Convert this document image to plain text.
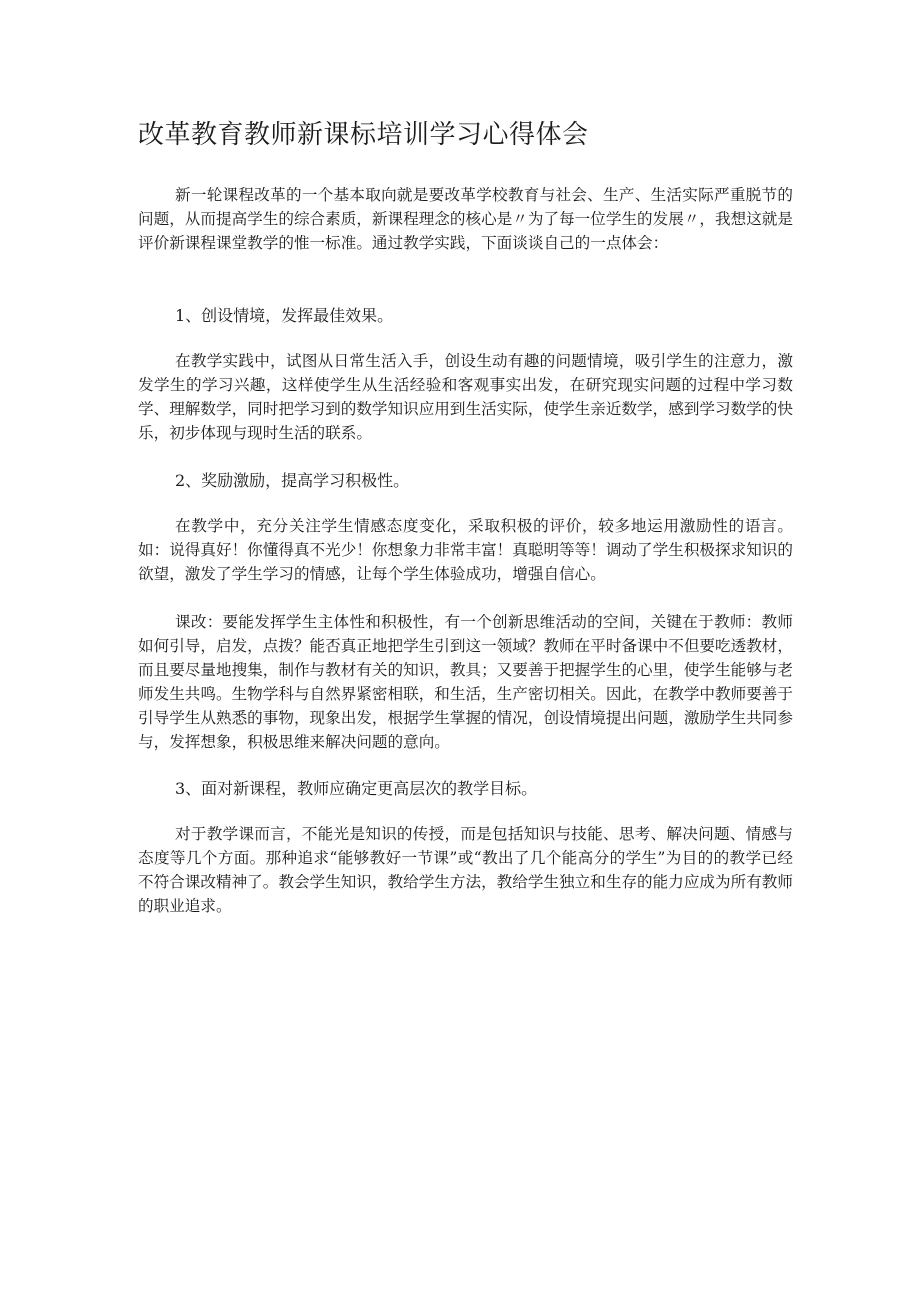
改革教育教师新课标培训学习心得体会

新一轮课程改革的一个基本取向就是要改革学校教育与社会、生产、生活实际严重脱节的问题，从而提高学生的综合素质，新课程理念的核心是〃为了每一位学生的发展〃，我想这就是评价新课程课堂教学的惟一标准。通过教学实践，下面谈谈自己的一点体会：

1、创设情境，发挥最佳效果。

在教学实践中，试图从日常生活入手，创设生动有趣的问题情境，吸引学生的注意力，激发学生的学习兴趣，这样使学生从生活经验和客观事实出发，在研究现实问题的过程中学习数学、理解数学，同时把学习到的数学知识应用到生活实际，使学生亲近数学，感到学习数学的快乐，初步体现与现时生活的联系。

2、奖励激励，提高学习积极性。

在教学中，充分关注学生情感态度变化，采取积极的评价，较多地运用激励性的语言。如：说得真好！你懂得真不光少！你想象力非常丰富！真聪明等等！调动了学生积极探求知识的欲望，激发了学生学习的情感，让每个学生体验成功，增强自信心。

课改：要能发挥学生主体性和积极性，有一个创新思维活动的空间，关键在于教师：教师如何引导，启发，点拨？能否真正地把学生引到这一领域？教师在平时备课中不但要吃透教材，而且要尽量地搜集，制作与教材有关的知识，教具；又要善于把握学生的心里，使学生能够与老师发生共鸣。生物学科与自然界紧密相联，和生活，生产密切相关。因此，在教学中教师要善于引导学生从熟悉的事物，现象出发，根据学生掌握的情况，创设情境提出问题，激励学生共同参与，发挥想象，积极思维来解决问题的意向。

3、面对新课程，教师应确定更高层次的教学目标。

对于教学课而言，不能光是知识的传授，而是包括知识与技能、思考、解决问题、情感与态度等几个方面。那种追求“能够教好一节课”或“教出了几个能高分的学生”为目的的教学已经不符合课改精神了。教会学生知识，教给学生方法，教给学生独立和生存的能力应成为所有教师的职业追求。
